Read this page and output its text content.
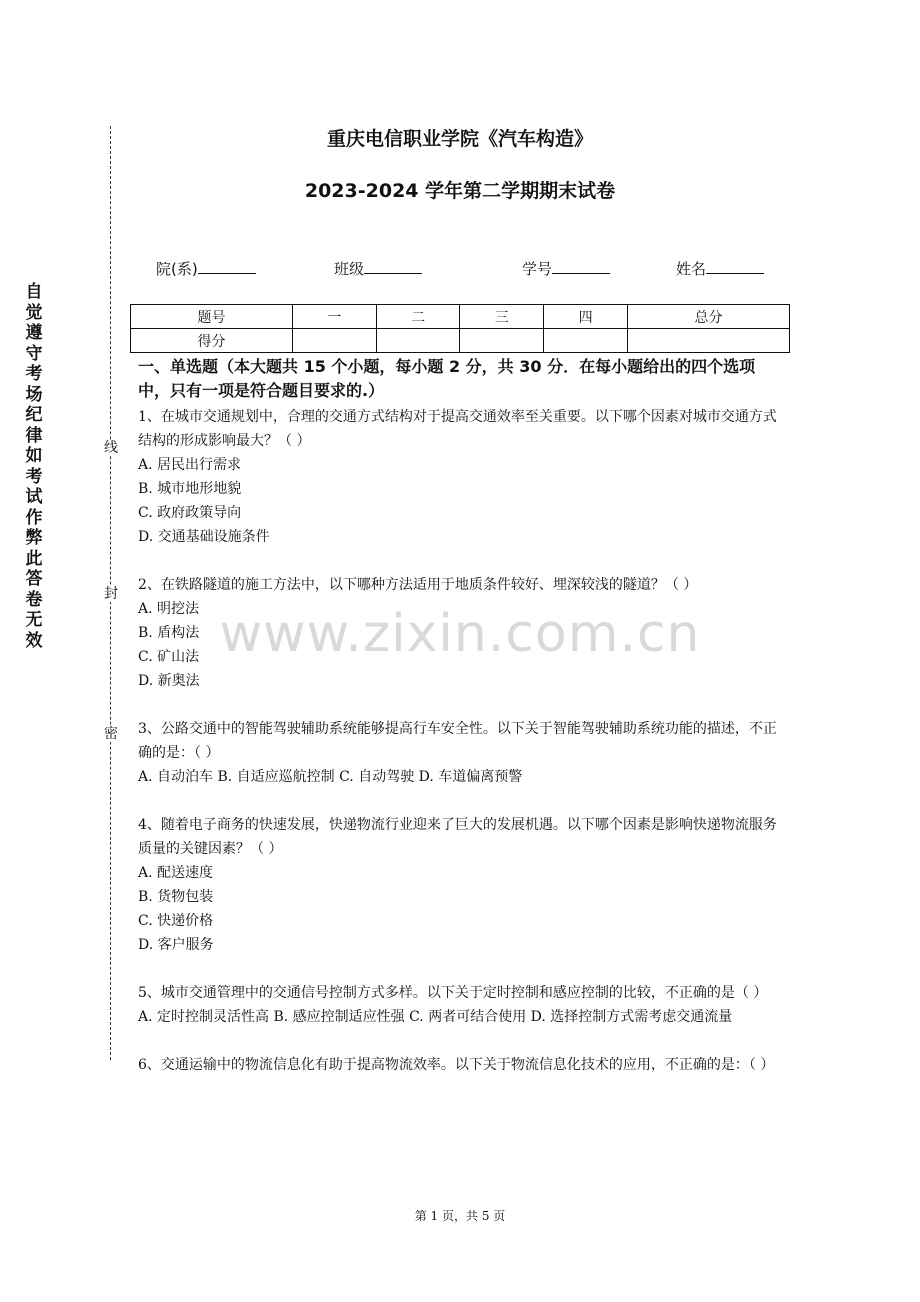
自
觉
遵
守
考
场
纪
律
如
考
试
作
弊
此
答
卷
无
效
线
封
密
重庆电信职业学院《汽车构造》
2023-2024 学年第二学期期末试卷
院(系)	班级	学号	姓名
题号	一	二	三	四	总分
得分					
www.zixin.com.cn

一、单选题（本大题共 15 个小题，每小题 2 分，共 30 分．在每小题给出的四个选项中，只有一项是符合题目要求的.）

1、在城市交通规划中，合理的交通方式结构对于提高交通效率至关重要。以下哪个因素对城市交通方式结构的形成影响最大？（ ）

A. 居民出行需求

B. 城市地形地貌

C. 政府政策导向

D. 交通基础设施条件

2、在铁路隧道的施工方法中，以下哪种方法适用于地质条件较好、埋深较浅的隧道？（ ）

A. 明挖法

B. 盾构法

C. 矿山法

D. 新奥法

3、公路交通中的智能驾驶辅助系统能够提高行车安全性。以下关于智能驾驶辅助系统功能的描述，不正确的是：（ ）

A. 自动泊车 B. 自适应巡航控制 C. 自动驾驶 D. 车道偏离预警

4、随着电子商务的快速发展，快递物流行业迎来了巨大的发展机遇。以下哪个因素是影响快递物流服务质量的关键因素？（ ）

A. 配送速度

B. 货物包装

C. 快递价格

D. 客户服务

5、城市交通管理中的交通信号控制方式多样。以下关于定时控制和感应控制的比较，不正确的是（ ）

A. 定时控制灵活性高 B. 感应控制适应性强 C. 两者可结合使用 D. 选择控制方式需考虑交通流量

6、交通运输中的物流信息化有助于提高物流效率。以下关于物流信息化技术的应用，不正确的是：（ ）

第 1 页，共 5 页
